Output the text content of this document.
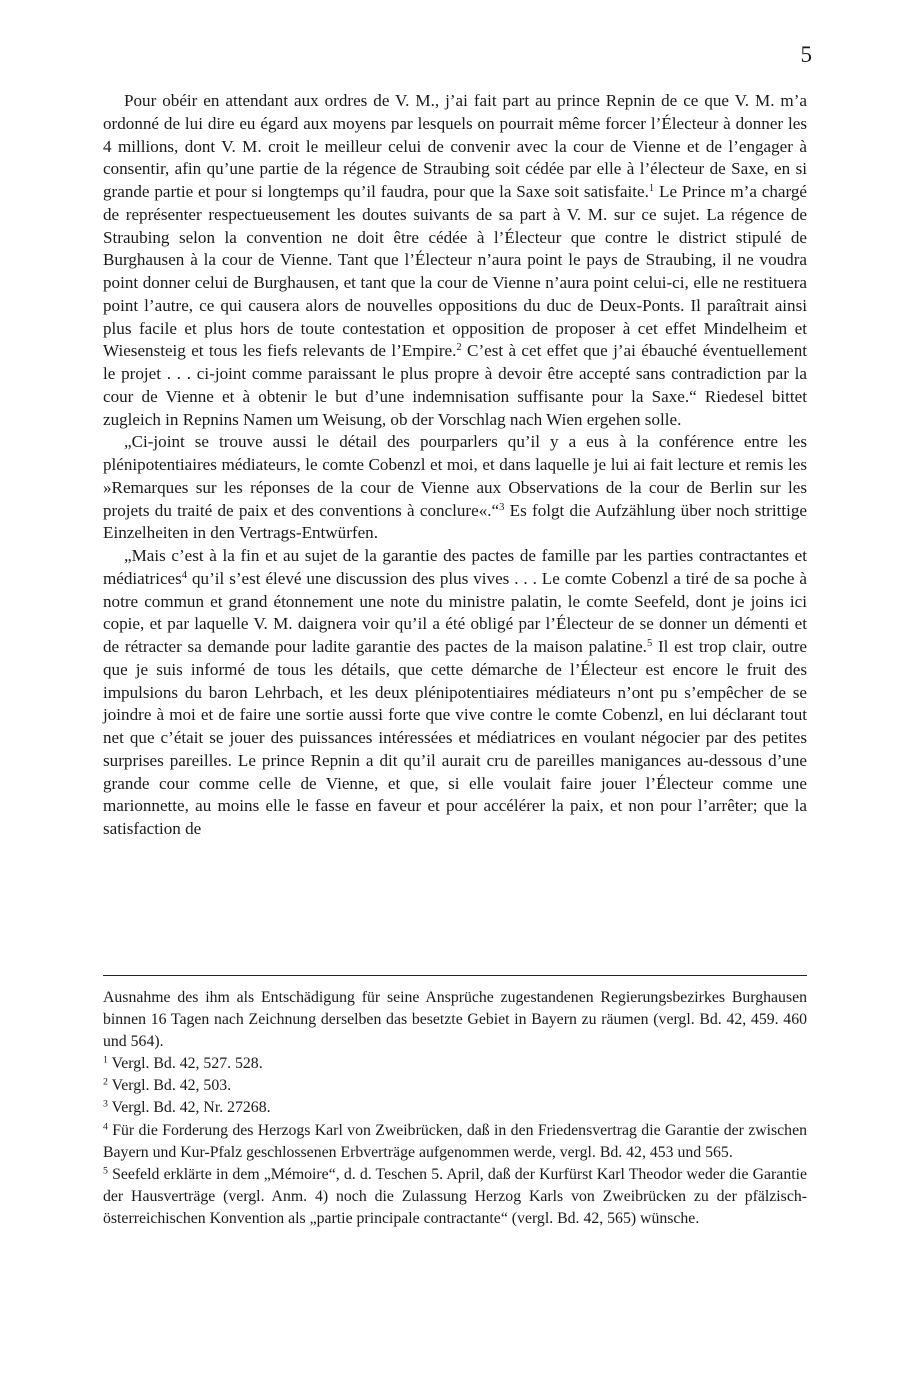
5

Pour obéir en attendant aux ordres de V. M., j’ai fait part au prince Repnin de ce que V. M. m’a ordonné de lui dire eu égard aux moyens par lesquels on pourrait même forcer l’Électeur à donner les 4 millions, dont V. M. croit le meilleur celui de convenir avec la cour de Vienne et de l’engager à consentir, afin qu’une partie de la régence de Straubing soit cédée par elle à l’électeur de Saxe, en si grande partie et pour si longtemps qu’il faudra, pour que la Saxe soit satisfaite.$^1$ Le Prince m’a chargé de représenter respectueusement les doutes suivants de sa part à V. M. sur ce sujet. La régence de Straubing selon la convention ne doit être cédée à l’Électeur que contre le district stipulé de Burghausen à la cour de Vienne. Tant que l’Électeur n’aura point le pays de Straubing, il ne voudra point donner celui de Burghausen, et tant que la cour de Vienne n’aura point celui-ci, elle ne restituera point l’autre, ce qui causera alors de nouvelles oppositions du duc de Deux-Ponts. Il paraîtrait ainsi plus facile et plus hors de toute contestation et opposition de proposer à cet effet Mindelheim et Wiesensteig et tous les fiefs relevants de l’Empire.$^2$ C’est à cet effet que j’ai ébauché éventuellement le projet . . . ci-joint comme paraissant le plus propre à devoir être accepté sans contradiction par la cour de Vienne et à obtenir le but d’une indemnisation suffisante pour la Saxe.“ Riedesel bittet zugleich in Repnins Namen um Weisung, ob der Vorschlag nach Wien ergehen solle.

„Ci-joint se trouve aussi le détail des pourparlers qu’il y a eus à la conférence entre les plénipotentiaires médiateurs, le comte Cobenzl et moi, et dans laquelle je lui ai fait lecture et remis les »Remarques sur les réponses de la cour de Vienne aux Observations de la cour de Berlin sur les projets du traité de paix et des conventions à conclure«.“$^3$ Es folgt die Aufzählung über noch strittige Einzelheiten in den Vertrags-Entwürfen.

„Mais c’est à la fin et au sujet de la garantie des pactes de famille par les parties contractantes et médiatrices$^4$ qu’il s’est élevé une discussion des plus vives . . . Le comte Cobenzl a tiré de sa poche à notre commun et grand étonnement une note du ministre palatin, le comte Seefeld, dont je joins ici copie, et par laquelle V. M. daignera voir qu’il a été obligé par l’Électeur de se donner un démenti et de rétracter sa demande pour ladite garantie des pactes de la maison palatine.$^5$ Il est trop clair, outre que je suis informé de tous les détails, que cette démarche de l’Électeur est encore le fruit des impulsions du baron Lehrbach, et les deux plénipotentiaires médiateurs n’ont pu s’empêcher de se joindre à moi et de faire une sortie aussi forte que vive contre le comte Cobenzl, en lui déclarant tout net que c’était se jouer des puissances intéressées et médiatrices en voulant négocier par des petites surprises pareilles. Le prince Repnin a dit qu’il aurait cru de pareilles manigances au-dessous d’une grande cour comme celle de Vienne, et que, si elle voulait faire jouer l’Électeur comme une marionnette, au moins elle le fasse en faveur et pour accélérer la paix, et non pour l’arrêter; que la satisfaction de

Ausnahme des ihm als Entschädigung für seine Ansprüche zugestandenen Regierungsbezirkes Burghausen binnen 16 Tagen nach Zeichnung derselben das besetzte Gebiet in Bayern zu räumen (vergl. Bd. 42, 459. 460 und 564).

$^1$ Vergl. Bd. 42, 527. 528.

$^2$ Vergl. Bd. 42, 503.

$^3$ Vergl. Bd. 42, Nr. 27268.

$^4$ Für die Forderung des Herzogs Karl von Zweibrücken, daß in den Friedensvertrag die Garantie der zwischen Bayern und Kur-Pfalz geschlossenen Erbverträge aufgenommen werde, vergl. Bd. 42, 453 und 565.

$^5$ Seefeld erklärte in dem „Mémoire“, d. d. Teschen 5. April, daß der Kurfürst Karl Theodor weder die Garantie der Hausverträge (vergl. Anm. 4) noch die Zulassung Herzog Karls von Zweibrücken zu der pfälzisch-österreichischen Konvention als „partie principale contractante“ (vergl. Bd. 42, 565) wünsche.
